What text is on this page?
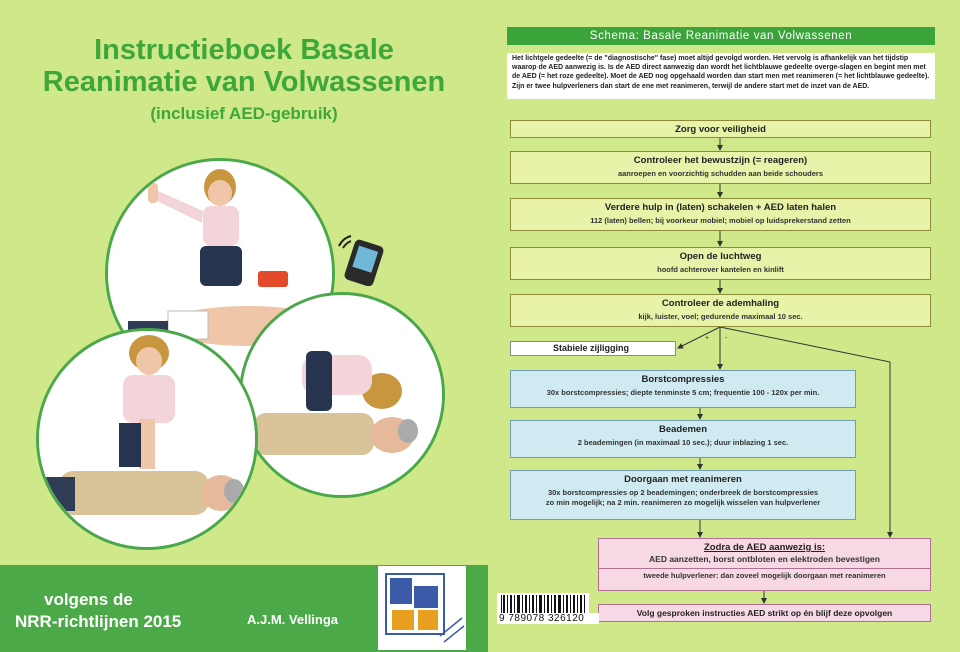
Instructieboek Basale
Reanimatie van Volwassenen
(inclusief AED-gebruik)
volgens de
NRR-richtlijnen 2015	A.J.M. Vellinga
Schema: Basale Reanimatie van Volwassenen
Het lichtgele gedeelte (= de "diagnostische" fase) moet altijd gevolgd worden. Het vervolg is afhankelijk van het tijdstip waarop de AED aanwezig is. Is de AED direct aanwezig dan wordt het lichtblauwe gedeelte overge-slagen en begint men met de AED (= het roze gedeelte). Moet de AED nog opgehaald worden dan start men met reanimeren (= het lichtblauwe gedeelte). Zijn er twee hulpverleners dan start de ene met reanimeren, terwijl de andere start met de inzet van de AED.
+ -
Zorg voor veiligheid
Controleer het bewustzijn (= reageren)
aanroepen en voorzichtig schudden aan beide schouders
Verdere hulp in (laten) schakelen + AED laten halen
112 (laten) bellen; bij voorkeur mobiel; mobiel op luidsprekerstand zetten
Open de luchtweg
hoofd achterover kantelen en kinlift
Controleer de ademhaling
kijk, luister, voel; gedurende maximaal 10 sec.
Stabiele zijligging
Borstcompressies
30x borstcompressies; diepte tenminste 5 cm; frequentie 100 - 120x per min.
Beademen
2 beademingen (in maximaal 10 sec.); duur inblazing 1 sec.
Doorgaan met reanimeren
30x borstcompressies op 2 beademingen; onderbreek de borstcompressies
zo min mogelijk; na 2 min. reanimeren zo mogelijk wisselen van hulpverlener
Zodra de AED aanwezig is:
AED aanzetten, borst ontbloten en elektroden bevestigen
tweede hulpverlener: dan zoveel mogelijk doorgaan met reanimeren
Volg gesproken instructies AED strikt op én blijf deze opvolgen
9 789078 326120
